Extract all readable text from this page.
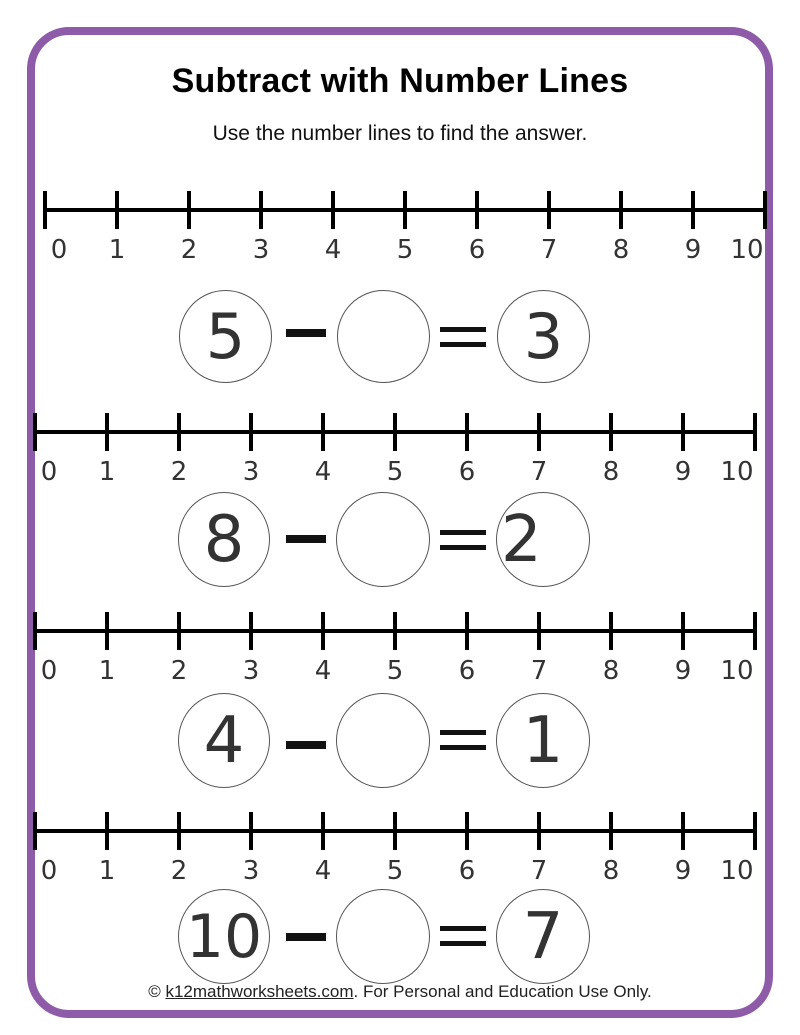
Subtract with Number Lines
Use the number lines to find the answer.
0	1	2	3	4	5	6	7	8	9	10
0	1	2	3	4	5	6	7	8	9	10
0	1	2	3	4	5	6	7	8	9	10
0	1	2	3	4	5	6	7	8	9	10
5	3
8	2
4	1
10	7
© k12mathworksheets.com. For Personal and Education Use Only.
